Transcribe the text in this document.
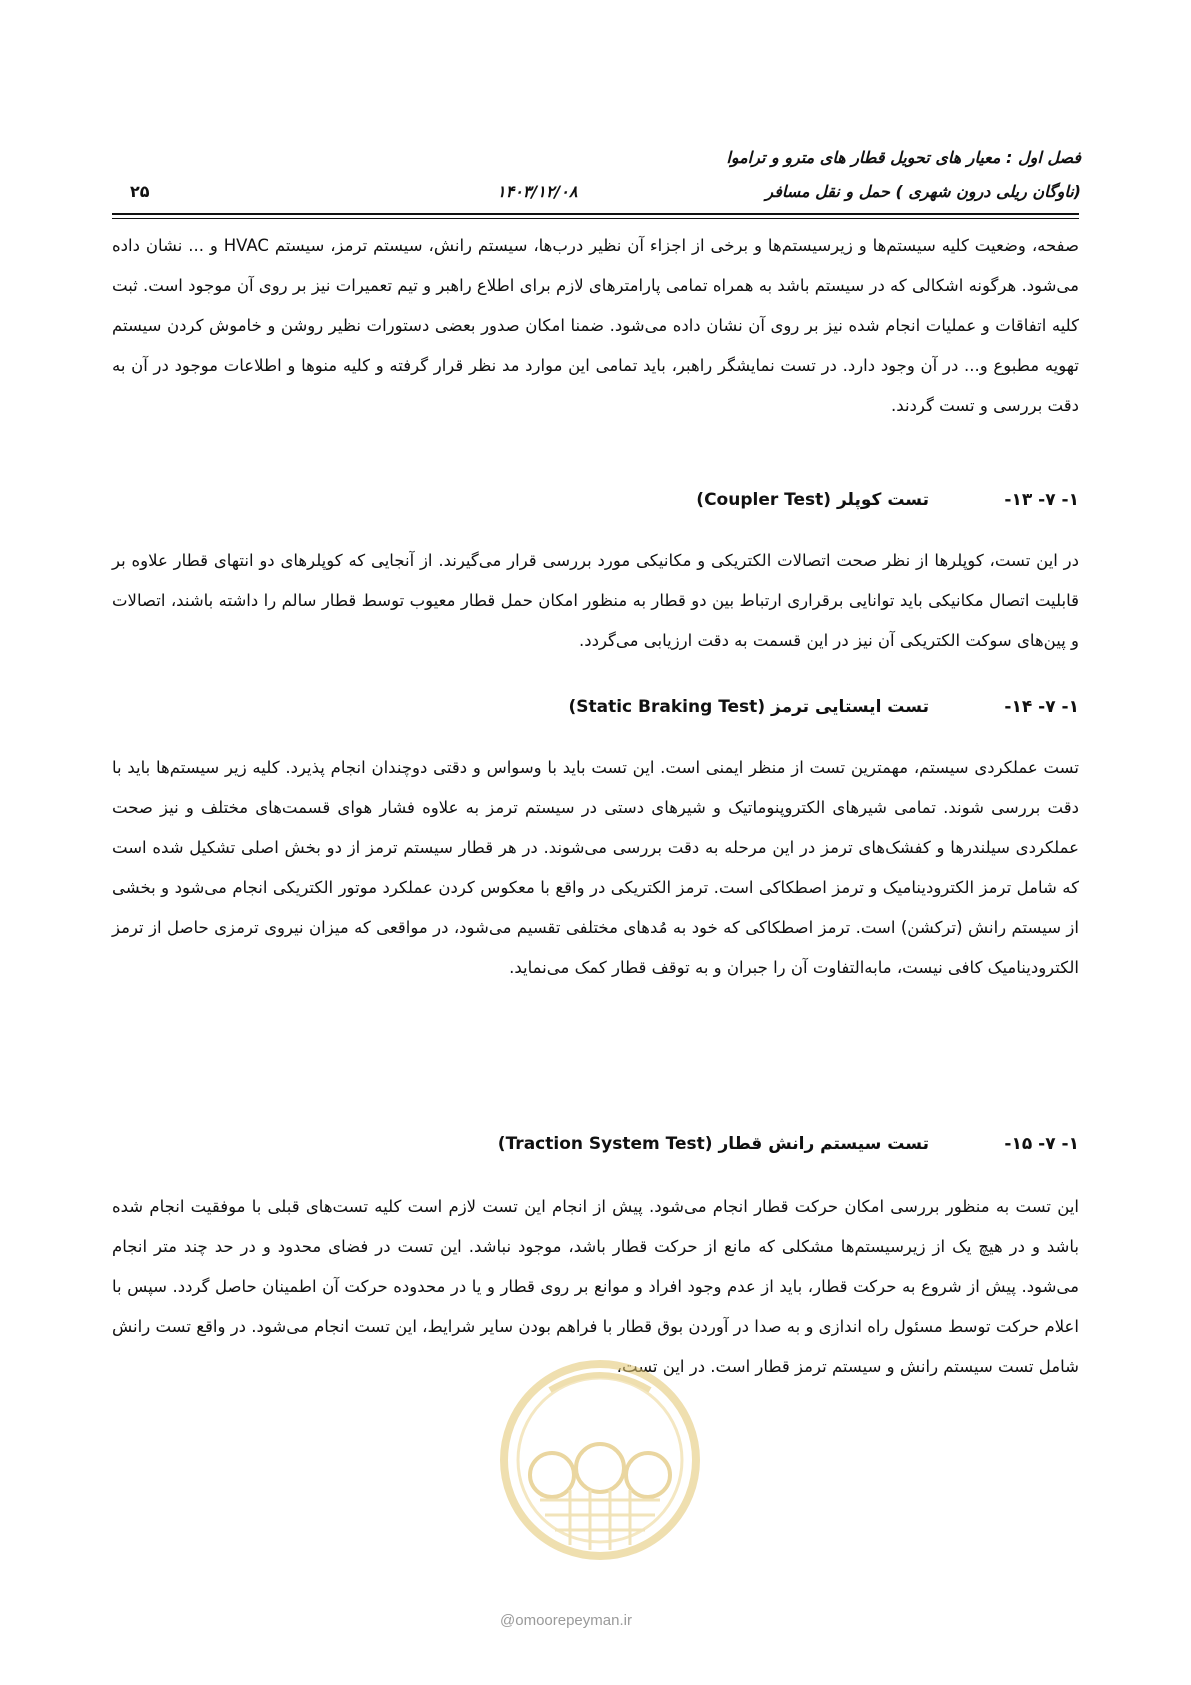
فصل اول : معیار های تحویل قطار های مترو و تراموا
(ناوگان ریلی درون شهری ) حمل و نقل مسافر
۱۴۰۳/۱۲/۰۸
۲۵

صفحه، وضعیت کلیه سیستم‌ها و زیرسیستم‌ها و برخی از اجزاء آن نظیر درب‌ها، سیستم رانش، سیستم ترمز، سیستم HVAC و ... نشان داده می‌شود. هرگونه اشکالی که در سیستم باشد به همراه تمامی پارامترهای لازم برای اطلاع راهبر و تیم تعمیرات نیز بر روی آن موجود است. ثبت کلیه اتفاقات و عملیات انجام شده نیز بر روی آن نشان داده می‌شود. ضمنا امکان صدور بعضی دستورات نظیر روشن و خاموش کردن سیستم تهویه مطبوع و... در آن وجود دارد. در تست نمایشگر راهبر، باید تمامی این موارد مد نظر قرار گرفته و کلیه منوها و اطلاعات موجود در آن به دقت بررسی و تست گردند.

۱- ۷- ۱۳-
تست کوپلر (Coupler Test)

در این تست، کوپلرها از نظر صحت اتصالات الکتریکی و مکانیکی مورد بررسی قرار می‌گیرند. از آنجایی که کوپلرهای دو انتهای قطار علاوه بر قابلیت اتصال مکانیکی باید توانایی برقراری ارتباط بین دو قطار به منظور امکان حمل قطار معیوب توسط قطار سالم را داشته باشند، اتصالات و پین‌های سوکت الکتریکی آن نیز در این قسمت به دقت ارزیابی می‌گردد.

۱- ۷- ۱۴-
تست ایستایی ترمز (Static Braking Test)

تست عملکردی سیستم، مهمترین تست از منظر ایمنی است. این تست باید با وسواس و دقتی دوچندان انجام پذیرد. کلیه زیر سیستم‌ها باید با دقت بررسی شوند. تمامی شیرهای الکتروپنوماتیک و شیرهای دستی در سیستم ترمز به علاوه فشار هوای قسمت‌های مختلف و نیز صحت عملکردی سیلندرها و کفشک‌های ترمز در این مرحله به دقت بررسی می‌شوند. در هر قطار سیستم ترمز از دو بخش اصلی تشکیل شده است که شامل ترمز الکترودینامیک و ترمز اصطکاکی است. ترمز الکتریکی در واقع با معکوس کردن عملکرد موتور الکتریکی انجام می‌شود و بخشی از سیستم رانش (ترکشن) است. ترمز اصطکاکی که خود به مُدهای مختلفی تقسیم می‌شود، در مواقعی که میزان نیروی ترمزی حاصل از ترمز الکترودینامیک کافی نیست، مابه‌التفاوت آن را جبران و به توقف قطار کمک می‌نماید.

۱- ۷- ۱۵-
تست سیستم رانش قطار (Traction System Test)

این تست به منظور بررسی امکان حرکت قطار انجام می‌شود. پیش از انجام این تست لازم است کلیه تست‌های قبلی با موفقیت انجام شده باشد و در هیچ یک از زیرسیستم‌ها مشکلی که مانع از حرکت قطار باشد، موجود نباشد. این تست در فضای محدود و در حد چند متر انجام می‌شود. پیش از شروع به حرکت قطار، باید از عدم وجود افراد و موانع بر روی قطار و یا در محدوده حرکت آن اطمینان حاصل گردد. سپس با اعلام حرکت توسط مسئول راه اندازی و به صدا در آوردن بوق قطار با فراهم بودن سایر شرایط، این تست انجام می‌شود. در واقع تست رانش شامل تست سیستم رانش و سیستم ترمز قطار است. در این تست،

@omoorepeyman.ir
